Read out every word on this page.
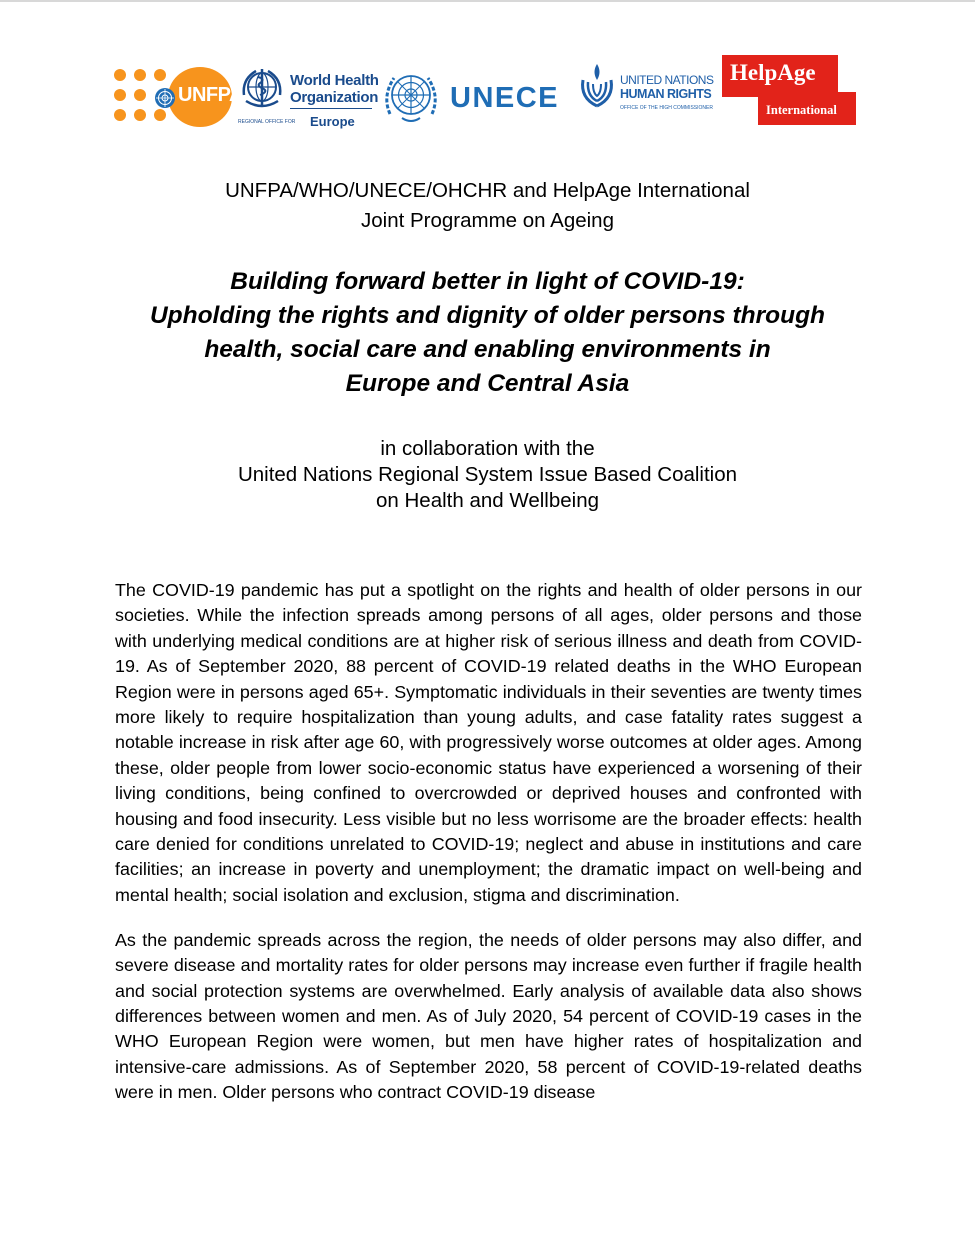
UNFPA
World Health
Organization
REGIONAL OFFICE FOR Europe
UNECE
UNITED NATIONS
HUMAN RIGHTS
OFFICE OF THE HIGH COMMISSIONER
HelpAge
International
UNFPA/WHO/UNECE/OHCHR and HelpAge International
Joint Programme on Ageing
Building forward better in light of COVID-19:
Upholding the rights and dignity of older persons through
health, social care and enabling environments in
Europe and Central Asia
in collaboration with the
United Nations Regional System Issue Based Coalition
on Health and Wellbeing

The COVID-19 pandemic has put a spotlight on the rights and health of older persons in our societies. While the infection spreads among persons of all ages, older persons and those with underlying medical conditions are at higher risk of serious illness and death from COVID-19. As of September 2020, 88 percent of COVID-19 related deaths in the WHO European Region were in persons aged 65+. Symptomatic individuals in their seventies are twenty times more likely to require hospitalization than young adults, and case fatality rates suggest a notable increase in risk after age 60, with progressively worse outcomes at older ages. Among these, older people from lower socio-economic status have experienced a worsening of their living conditions, being confined to overcrowded or deprived houses and confronted with housing and food insecurity. Less visible but no less worrisome are the broader effects: health care denied for conditions unrelated to COVID-19; neglect and abuse in institutions and care facilities; an increase in poverty and unemployment; the dramatic impact on well-being and mental health; social isolation and exclusion, stigma and discrimination.

As the pandemic spreads across the region, the needs of older persons may also differ, and severe disease and mortality rates for older persons may increase even further if fragile health and social protection systems are overwhelmed. Early analysis of available data also shows differences between women and men. As of July 2020, 54 percent of COVID-19 cases in the WHO European Region were women, but men have higher rates of hospitalization and intensive-care admissions. As of September 2020, 58 percent of COVID-19-related deaths were in men. Older persons who contract COVID-19 disease
